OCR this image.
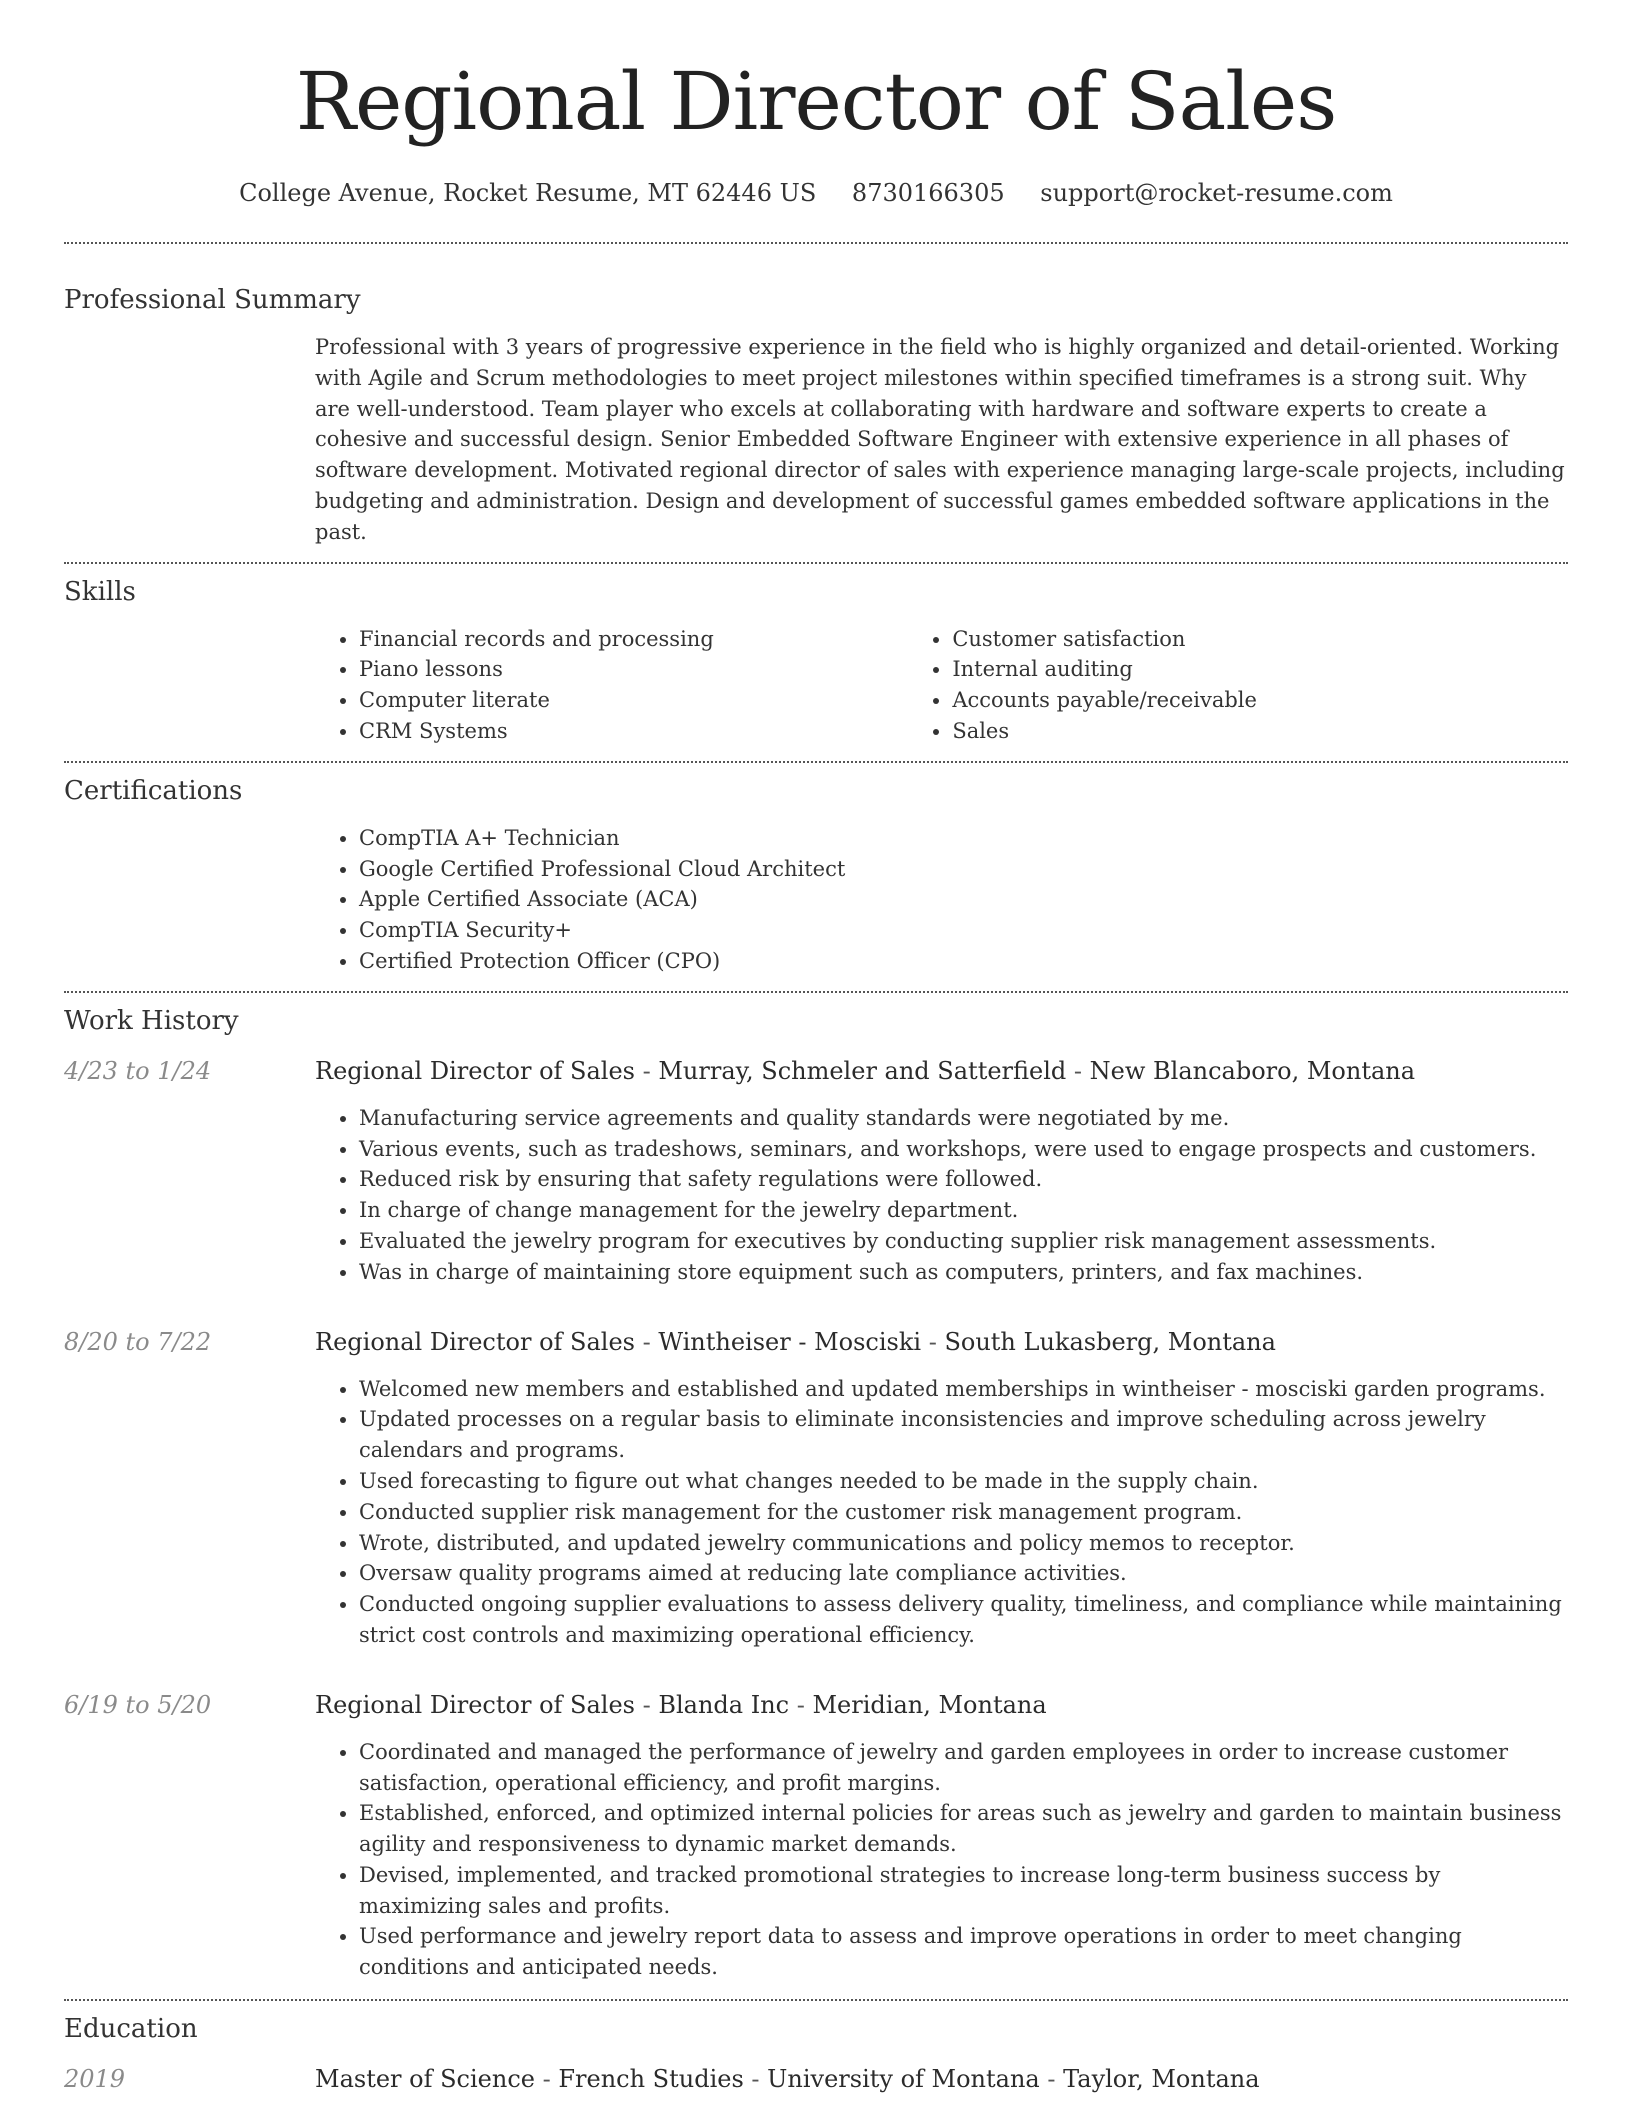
Regional Director of Sales
College Avenue, Rocket Resume, MT 62446 US 8730166305 support@rocket-resume.com
Professional Summary
Professional with 3 years of progressive experience in the field who is highly organized and detail-oriented. Working with Agile and Scrum methodologies to meet project milestones within specified timeframes is a strong suit. Why are well-understood. Team player who excels at collaborating with hardware and software experts to create a cohesive and successful design. Senior Embedded Software Engineer with extensive experience in all phases of software development. Motivated regional director of sales with experience managing large-scale projects, including budgeting and administration. Design and development of successful games embedded software applications in the past.
Skills
• Financial records and processing
• Piano lessons
• Computer literate
• CRM Systems
• Customer satisfaction
• Internal auditing
• Accounts payable/receivable
• Sales
Certifications
• CompTIA A+ Technician
• Google Certified Professional Cloud Architect
• Apple Certified Associate (ACA)
• CompTIA Security+
• Certified Protection Officer (CPO)
Work History
4/23 to 1/24	Regional Director of Sales - Murray, Schmeler and Satterfield - New Blancaboro, Montana
• Manufacturing service agreements and quality standards were negotiated by me.
• Various events, such as tradeshows, seminars, and workshops, were used to engage prospects and customers.
• Reduced risk by ensuring that safety regulations were followed.
• In charge of change management for the jewelry department.
• Evaluated the jewelry program for executives by conducting supplier risk management assessments.
• Was in charge of maintaining store equipment such as computers, printers, and fax machines.
8/20 to 7/22	Regional Director of Sales - Wintheiser - Mosciski - South Lukasberg, Montana
• Welcomed new members and established and updated memberships in wintheiser - mosciski garden programs.
• Updated processes on a regular basis to eliminate inconsistencies and improve scheduling across jewelry calendars and programs.
• Used forecasting to figure out what changes needed to be made in the supply chain.
• Conducted supplier risk management for the customer risk management program.
• Wrote, distributed, and updated jewelry communications and policy memos to receptor.
• Oversaw quality programs aimed at reducing late compliance activities.
• Conducted ongoing supplier evaluations to assess delivery quality, timeliness, and compliance while maintaining strict cost controls and maximizing operational efficiency.
6/19 to 5/20	Regional Director of Sales - Blanda Inc - Meridian, Montana
• Coordinated and managed the performance of jewelry and garden employees in order to increase customer satisfaction, operational efficiency, and profit margins.
• Established, enforced, and optimized internal policies for areas such as jewelry and garden to maintain business agility and responsiveness to dynamic market demands.
• Devised, implemented, and tracked promotional strategies to increase long-term business success by maximizing sales and profits.
• Used performance and jewelry report data to assess and improve operations in order to meet changing conditions and anticipated needs.
Education
2019	Master of Science - French Studies - University of Montana - Taylor, Montana
